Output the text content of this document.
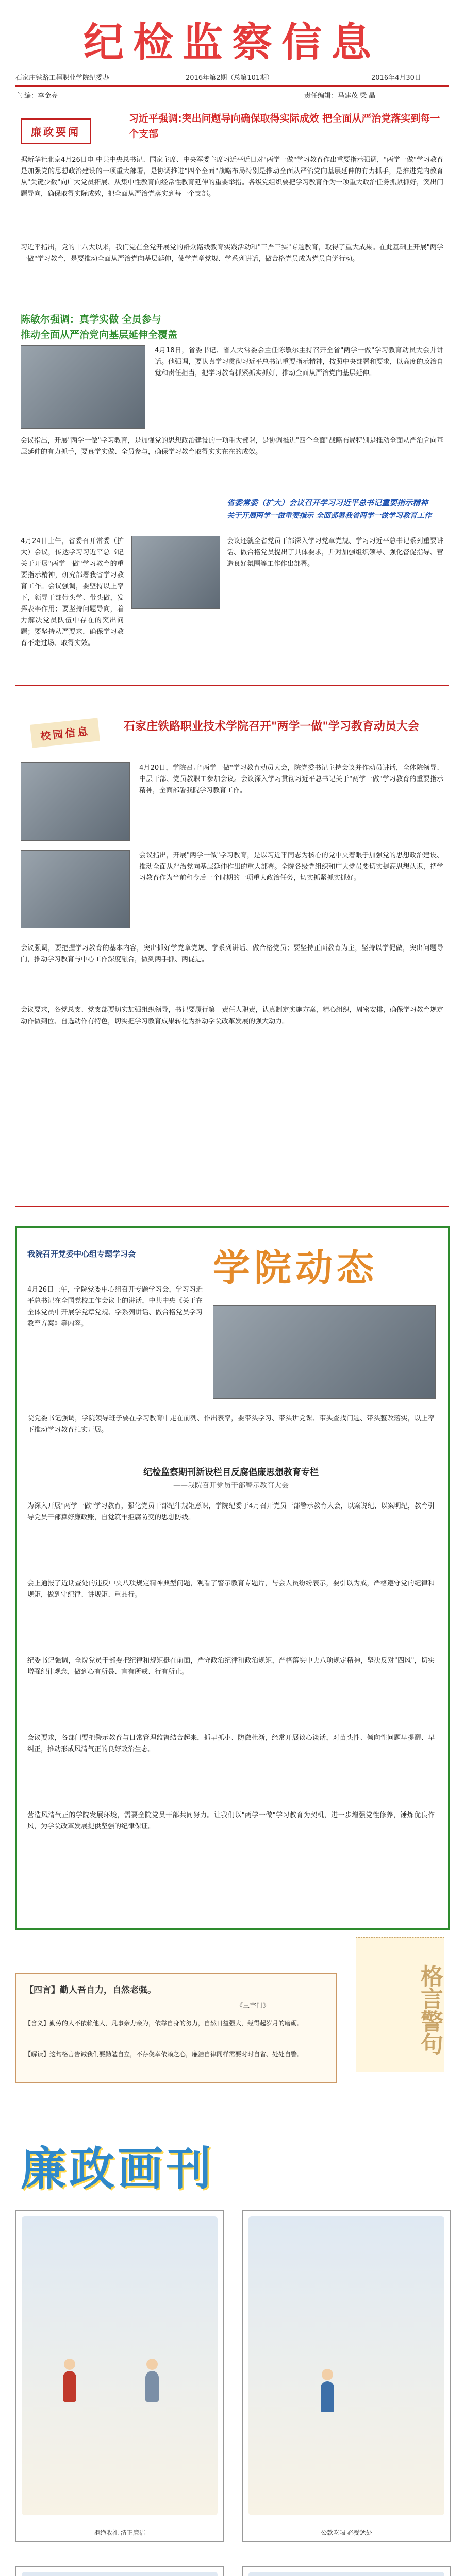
纪检监察信息
石家庄铁路工程职业学院纪委办	2016年第2期（总第101期）	2016年4月30日
主 编：李金亮	责任编辑：马建茂 梁 晶
廉政要闻
习近平强调:突出问题导向确保取得实际成效 把全面从严治党落实到每一个支部
据新华社北京4月26日电 中共中央总书记、国家主席、中央军委主席习近平近日对"两学一做"学习教育作出重要指示强调，"两学一做"学习教育是加强党的思想政治建设的一项重大部署，是协调推进"四个全面"战略布局特别是推动全面从严治党向基层延伸的有力抓手，是推进党内教育从"关键少数"向广大党员拓展、从集中性教育向经常性教育延伸的重要举措。各级党组织要把学习教育作为一项重大政治任务抓紧抓好，突出问题导向，确保取得实际成效，把全面从严治党落实到每一个支部。
习近平指出，党的十八大以来，我们党在全党开展党的群众路线教育实践活动和"三严三实"专题教育，取得了重大成果。在此基础上开展"两学一做"学习教育，是要推动全面从严治党向基层延伸，使学党章党规、学系列讲话，做合格党员成为党员自觉行动。
陈敏尔强调：真学实做 全员参与
推动全面从严治党向基层延伸全覆盖
4月18日，省委书记、省人大常委会主任陈敏尔主持召开全省"两学一做"学习教育动员大会并讲话。他强调，要认真学习贯彻习近平总书记重要指示精神，按照中央部署和要求，以高度的政治自觉和责任担当，把学习教育抓紧抓实抓好，推动全面从严治党向基层延伸。
会议指出，开展"两学一做"学习教育，是加强党的思想政治建设的一项重大部署，是协调推进"四个全面"战略布局特别是推动全面从严治党向基层延伸的有力抓手，要真学实做、全员参与，确保学习教育取得实实在在的成效。
省委常委（扩大）会议召开学习习近平总书记重要指示精神
关于开展两学一做重要指示 全面部署我省两学一做学习教育工作
4月24日上午，省委召开常委（扩大）会议，传达学习习近平总书记关于开展"两学一做"学习教育的重要指示精神，研究部署我省学习教育工作。会议强调，要坚持以上率下，领导干部带头学、带头做，发挥表率作用；要坚持问题导向，着力解决党员队伍中存在的突出问题；要坚持从严要求，确保学习教育不走过场、取得实效。
会议还就全省党员干部深入学习党章党规、学习习近平总书记系列重要讲话、做合格党员提出了具体要求，并对加强组织领导、强化督促指导、营造良好氛围等工作作出部署。
校园信息	石家庄铁路职业技术学院召开"两学一做"学习教育动员大会
4月20日，学院召开"两学一做"学习教育动员大会，院党委书记主持会议并作动员讲话，全体院领导、中层干部、党员教职工参加会议。会议深入学习贯彻习近平总书记关于"两学一做"学习教育的重要指示精神，全面部署我院学习教育工作。
会议指出，开展"两学一做"学习教育，是以习近平同志为核心的党中央着眼于加强党的思想政治建设、推动全面从严治党向基层延伸作出的重大部署。全院各级党组织和广大党员要切实提高思想认识，把学习教育作为当前和今后一个时期的一项重大政治任务，切实抓紧抓实抓好。
会议强调，要把握学习教育的基本内容，突出抓好学党章党规、学系列讲话、做合格党员；要坚持正面教育为主，坚持以学促做，突出问题导向，推动学习教育与中心工作深度融合，做到两手抓、两促进。
会议要求，各党总支、党支部要切实加强组织领导，书记要履行第一责任人职责，认真制定实施方案，精心组织，周密安排，确保学习教育规定动作做到位、自选动作有特色，切实把学习教育成果转化为推动学院改革发展的强大动力。
学院动态
我院召开党委中心组专题学习会
4月26日上午，学院党委中心组召开专题学习会，学习习近平总书记在全国党校工作会议上的讲话，中共中央《关于在全体党员中开展学党章党规、学系列讲话、做合格党员学习教育方案》等内容。
院党委书记强调，学院领导班子要在学习教育中走在前列、作出表率，要带头学习、带头讲党课、带头查找问题、带头整改落实，以上率下推动学习教育扎实开展。
纪检监察期刊新设栏目反腐倡廉思想教育专栏
——我院召开党员干部警示教育大会
为深入开展"两学一做"学习教育，强化党员干部纪律规矩意识，学院纪委于4月召开党员干部警示教育大会，以案说纪、以案明纪，教育引导党员干部算好廉政账，自觉筑牢拒腐防变的思想防线。
会上通报了近期查处的违反中央八项规定精神典型问题，观看了警示教育专题片，与会人员纷纷表示，要引以为戒，严格遵守党的纪律和规矩，做到守纪律、讲规矩、重品行。
纪委书记强调，全院党员干部要把纪律和规矩挺在前面，严守政治纪律和政治规矩，严格落实中央八项规定精神，坚决反对"四风"，切实增强纪律观念，做到心有所畏、言有所戒、行有所止。
会议要求，各部门要把警示教育与日常管理监督结合起来，抓早抓小、防微杜渐，经常开展谈心谈话，对苗头性、倾向性问题早提醒、早纠正，推动形成风清气正的良好政治生态。
营造风清气正的学院发展环境，需要全院党员干部共同努力。让我们以"两学一做"学习教育为契机，进一步增强党性修养，锤炼优良作风，为学院改革发展提供坚强的纪律保证。
【四言】勤人吾自力，自然老强。
——《三字门》
【含义】勤劳的人不依赖他人，凡事亲力亲为，依靠自身的努力，自然日益强大，经得起岁月的磨砺。
【解读】这句格言告诫我们要勤勉自立，不存侥幸依赖之心，廉洁自律同样需要时时自省、处处自警。	格言警句
廉政画刊
拒绝收礼 清正廉洁	公款吃喝 必受惩处
